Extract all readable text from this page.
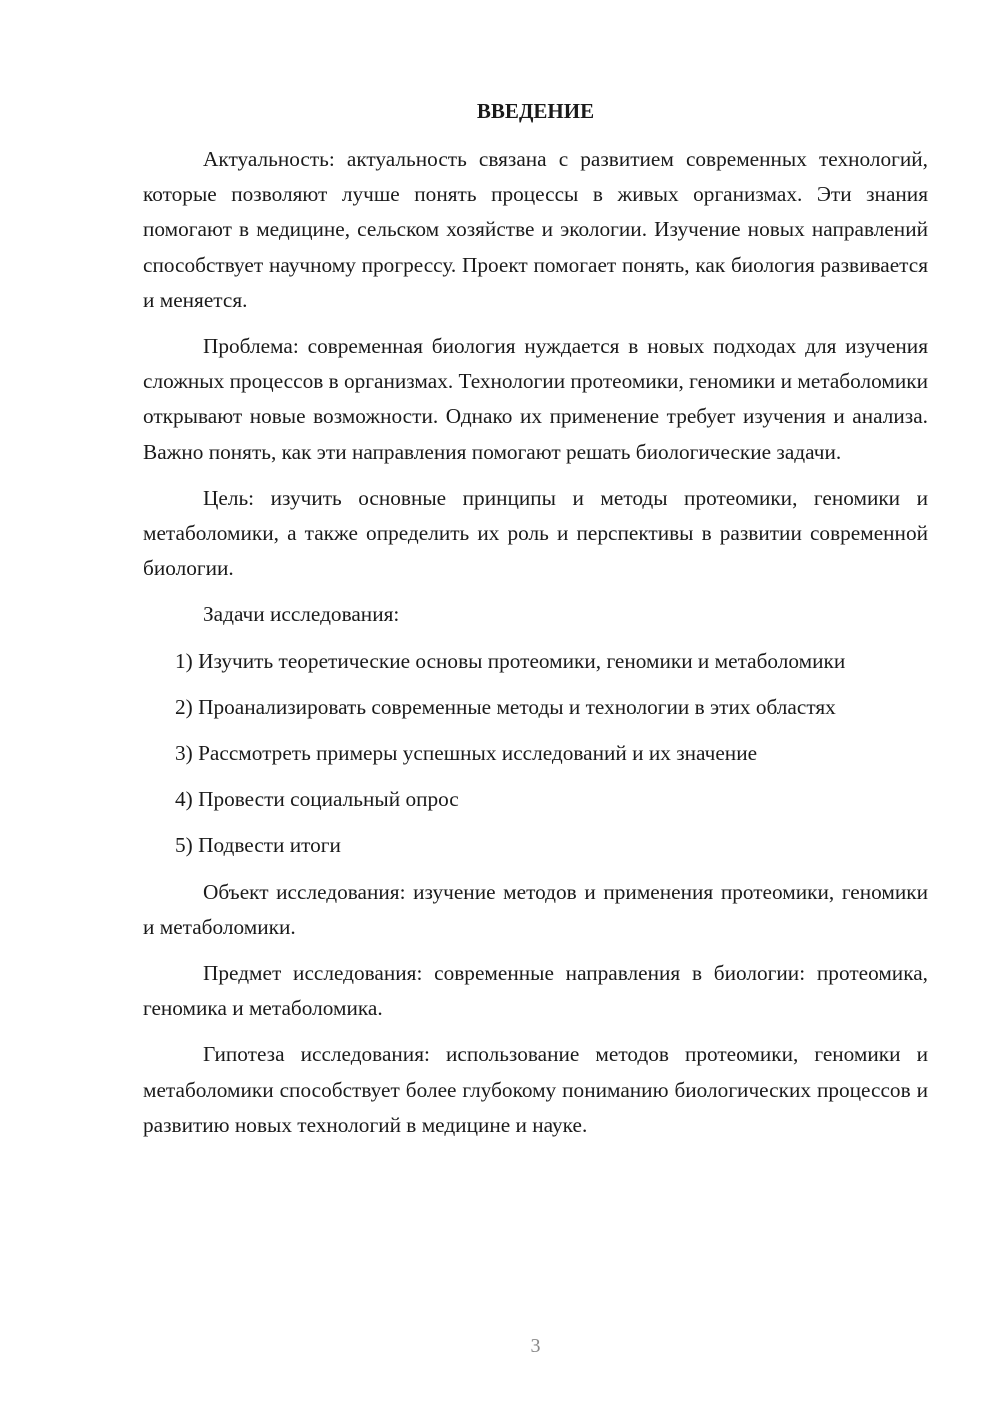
ВВЕДЕНИЕ

Актуальность: актуальность связана с развитием современных технологий, которые позволяют лучше понять процессы в живых организмах. Эти знания помогают в медицине, сельском хозяйстве и экологии. Изучение новых направлений способствует научному прогрессу. Проект помогает понять, как биология развивается и меняется.

Проблема: современная биология нуждается в новых подходах для изучения сложных процессов в организмах. Технологии протеомики, геномики и метаболомики открывают новые возможности. Однако их применение требует изучения и анализа. Важно понять, как эти направления помогают решать биологические задачи.

Цель: изучить основные принципы и методы протеомики, геномики и метаболомики, а также определить их роль и перспективы в развитии современной биологии.

Задачи исследования:

1) Изучить теоретические основы протеомики, геномики и метаболомики

2) Проанализировать современные методы и технологии в этих областях

3) Рассмотреть примеры успешных исследований и их значение

4) Провести социальный опрос

5) Подвести итоги

Объект исследования: изучение методов и применения протеомики, геномики и метаболомики.

Предмет исследования: современные направления в биологии: протеомика, геномика и метаболомика.

Гипотеза исследования: использование методов протеомики, геномики и метаболомики способствует более глубокому пониманию биологических процессов и развитию новых технологий в медицине и науке.

3
